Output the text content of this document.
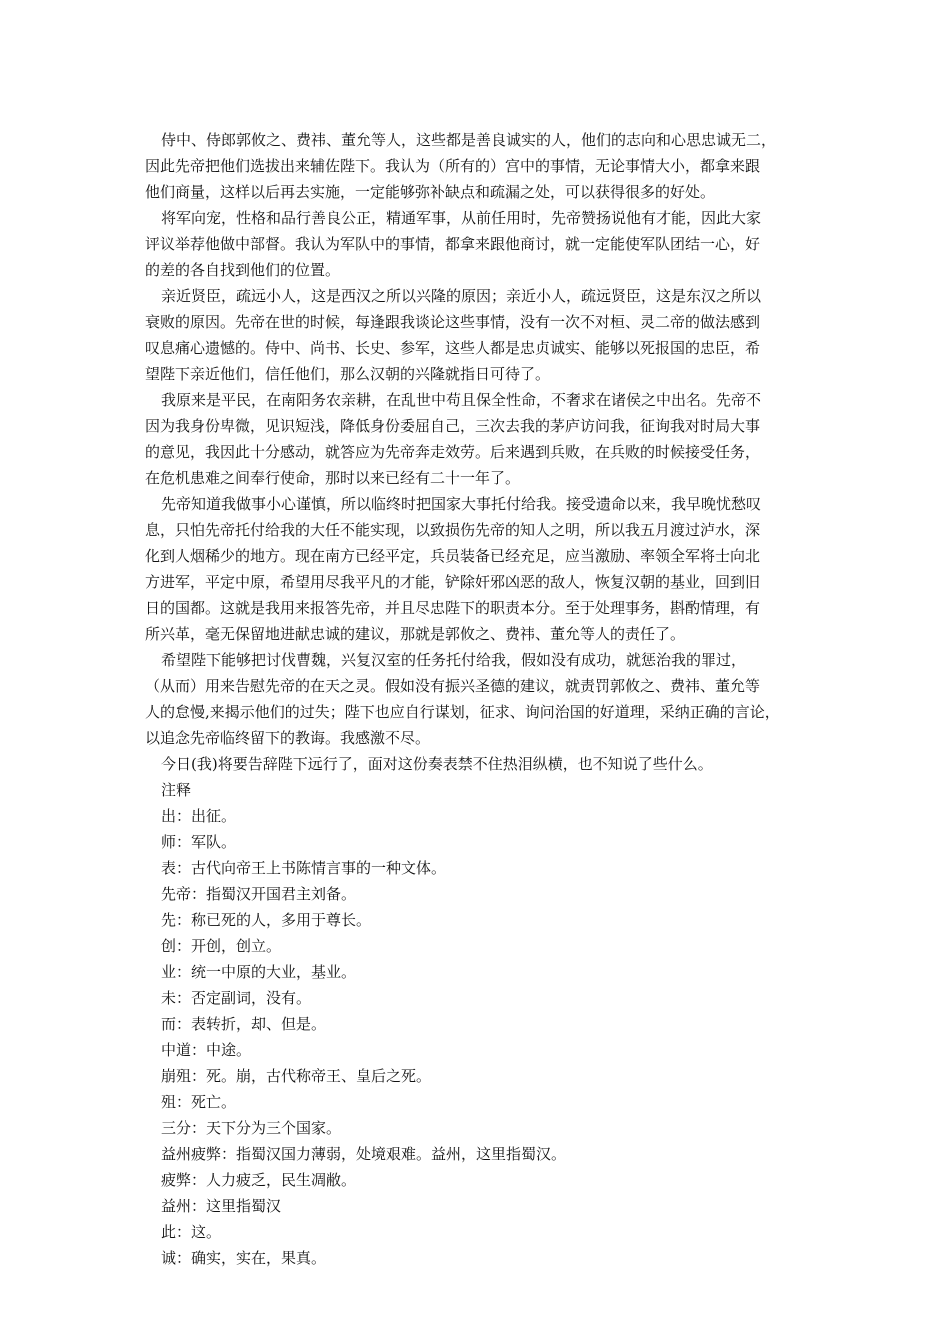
侍中、侍郎郭攸之、费祎、董允等人，这些都是善良诚实的人，他们的志向和心思忠诚无二，
因此先帝把他们选拔出来辅佐陛下。我认为（所有的）宫中的事情，无论事情大小，都拿来跟
他们商量，这样以后再去实施，一定能够弥补缺点和疏漏之处，可以获得很多的好处。
将军向宠，性格和品行善良公正，精通军事，从前任用时，先帝赞扬说他有才能，因此大家
评议举荐他做中部督。我认为军队中的事情，都拿来跟他商讨，就一定能使军队团结一心，好
的差的各自找到他们的位置。
亲近贤臣，疏远小人，这是西汉之所以兴隆的原因；亲近小人，疏远贤臣，这是东汉之所以
衰败的原因。先帝在世的时候，每逢跟我谈论这些事情，没有一次不对桓、灵二帝的做法感到
叹息痛心遗憾的。侍中、尚书、长史、参军，这些人都是忠贞诚实、能够以死报国的忠臣，希
望陛下亲近他们，信任他们，那么汉朝的兴隆就指日可待了。
我原来是平民，在南阳务农亲耕，在乱世中苟且保全性命，不奢求在诸侯之中出名。先帝不
因为我身份卑微，见识短浅，降低身份委屈自己，三次去我的茅庐访问我，征询我对时局大事
的意见，我因此十分感动，就答应为先帝奔走效劳。后来遇到兵败，在兵败的时候接受任务，
在危机患难之间奉行使命，那时以来已经有二十一年了。
先帝知道我做事小心谨慎，所以临终时把国家大事托付给我。接受遗命以来，我早晚忧愁叹
息，只怕先帝托付给我的大任不能实现，以致损伤先帝的知人之明，所以我五月渡过泸水，深
化到人烟稀少的地方。现在南方已经平定，兵员装备已经充足，应当激励、率领全军将士向北
方进军，平定中原，希望用尽我平凡的才能，铲除奸邪凶恶的敌人，恢复汉朝的基业，回到旧
日的国都。这就是我用来报答先帝，并且尽忠陛下的职责本分。至于处理事务，斟酌情理，有
所兴革，毫无保留地进献忠诚的建议，那就是郭攸之、费祎、董允等人的责任了。
希望陛下能够把讨伐曹魏，兴复汉室的任务托付给我，假如没有成功，就惩治我的罪过，
（从而）用来告慰先帝的在天之灵。假如没有振兴圣德的建议，就责罚郭攸之、费祎、董允等
人的怠慢,来揭示他们的过失；陛下也应自行谋划，征求、询问治国的好道理，采纳正确的言论，
以追念先帝临终留下的教诲。我感激不尽。
今日(我)将要告辞陛下远行了，面对这份奏表禁不住热泪纵横，也不知说了些什么。
注释
出：出征。
师：军队。
表：古代向帝王上书陈情言事的一种文体。
先帝：指蜀汉开国君主刘备。
先：称已死的人，多用于尊长。
创：开创，创立。
业：统一中原的大业，基业。
未：否定副词，没有。
而：表转折，却、但是。
中道：中途。
崩殂：死。崩，古代称帝王、皇后之死。
殂：死亡。
三分：天下分为三个国家。
益州疲弊：指蜀汉国力薄弱，处境艰难。益州，这里指蜀汉。
疲弊：人力疲乏，民生凋敝。
益州：这里指蜀汉
此：这。
诚：确实，实在，果真。
